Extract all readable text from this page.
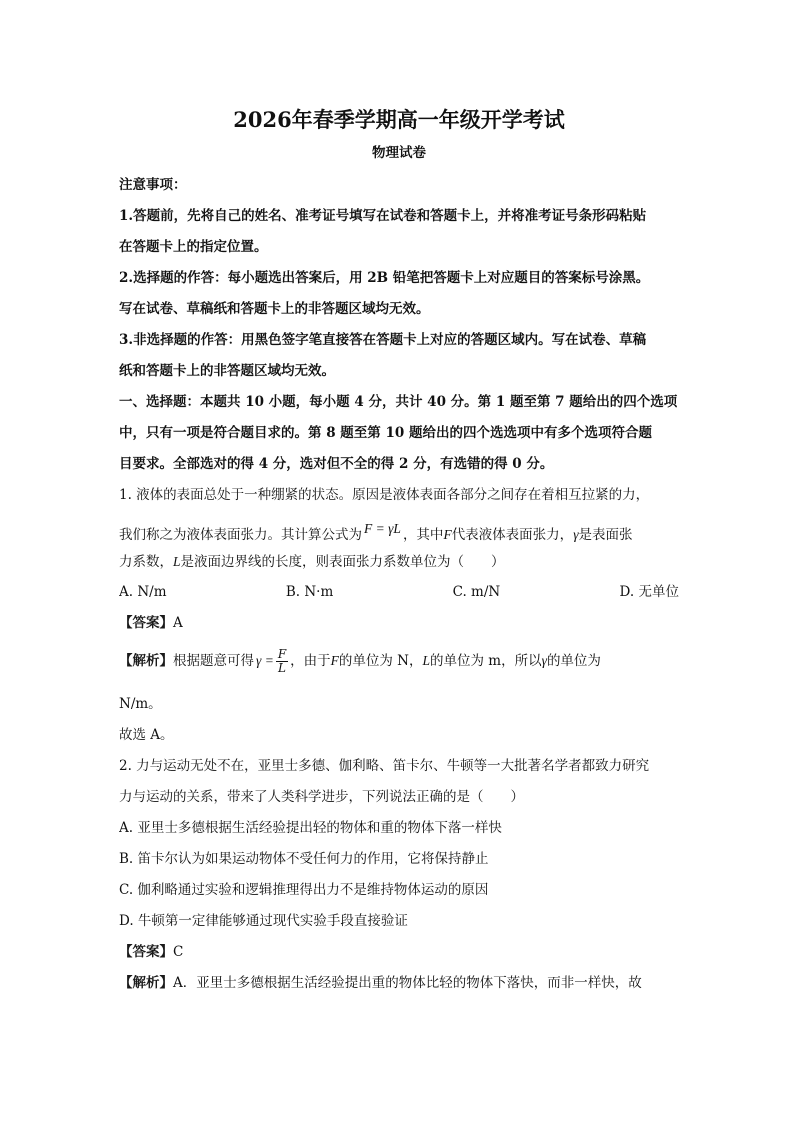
2026年春季学期高一年级开学考试
物理试卷
注意事项：
1.答题前，先将自己的姓名、准考证号填写在试卷和答题卡上，并将准考证号条形码粘贴
在答题卡上的指定位置。
2.选择题的作答：每小题选出答案后，用 2B 铅笔把答题卡上对应题目的答案标号涂黑。
写在试卷、草稿纸和答题卡上的非答题区域均无效。
3.非选择题的作答：用黑色签字笔直接答在答题卡上对应的答题区域内。写在试卷、草稿
纸和答题卡上的非答题区域均无效。
一、选择题：本题共 10 小题，每小题 4 分，共计 40 分。第 1 题至第 7 题给出的四个选项
中，只有一项是符合题目求的。第 8 题至第 10 题给出的四个选选项中有多个选项符合题
目要求。全部选对的得 4 分，选对但不全的得 2 分，有选错的得 0 分。
1. 液体的表面总处于一种绷紧的状态。原因是液体表面各部分之间存在着相互拉紧的力，
我们称之为液体表面张力。其计算公式为 F = γL ，其中F代表液体表面张力，γ是表面张
力系数，L是液面边界线的长度，则表面张力系数单位为（　　）
A. N/m	B. N·m	C. m/N	D. 无单位
【答案】A
【解析】根据题意可得 $\gamma = \frac{F}{L}$ ，由于F的单位为 N，L的单位为 m，所以γ的单位为
N/m。
故选 A。
2. 力与运动无处不在，亚里士多德、伽利略、笛卡尔、牛顿等一大批著名学者都致力研究
力与运动的关系，带来了人类科学进步，下列说法正确的是（　　）
A. 亚里士多德根据生活经验提出轻的物体和重的物体下落一样快
B. 笛卡尔认为如果运动物体不受任何力的作用，它将保持静止
C. 伽利略通过实验和逻辑推理得出力不是维持物体运动的原因
D. 牛顿第一定律能够通过现代实验手段直接验证
【答案】C
【解析】A．亚里士多德根据生活经验提出重的物体比轻的物体下落快，而非一样快，故
